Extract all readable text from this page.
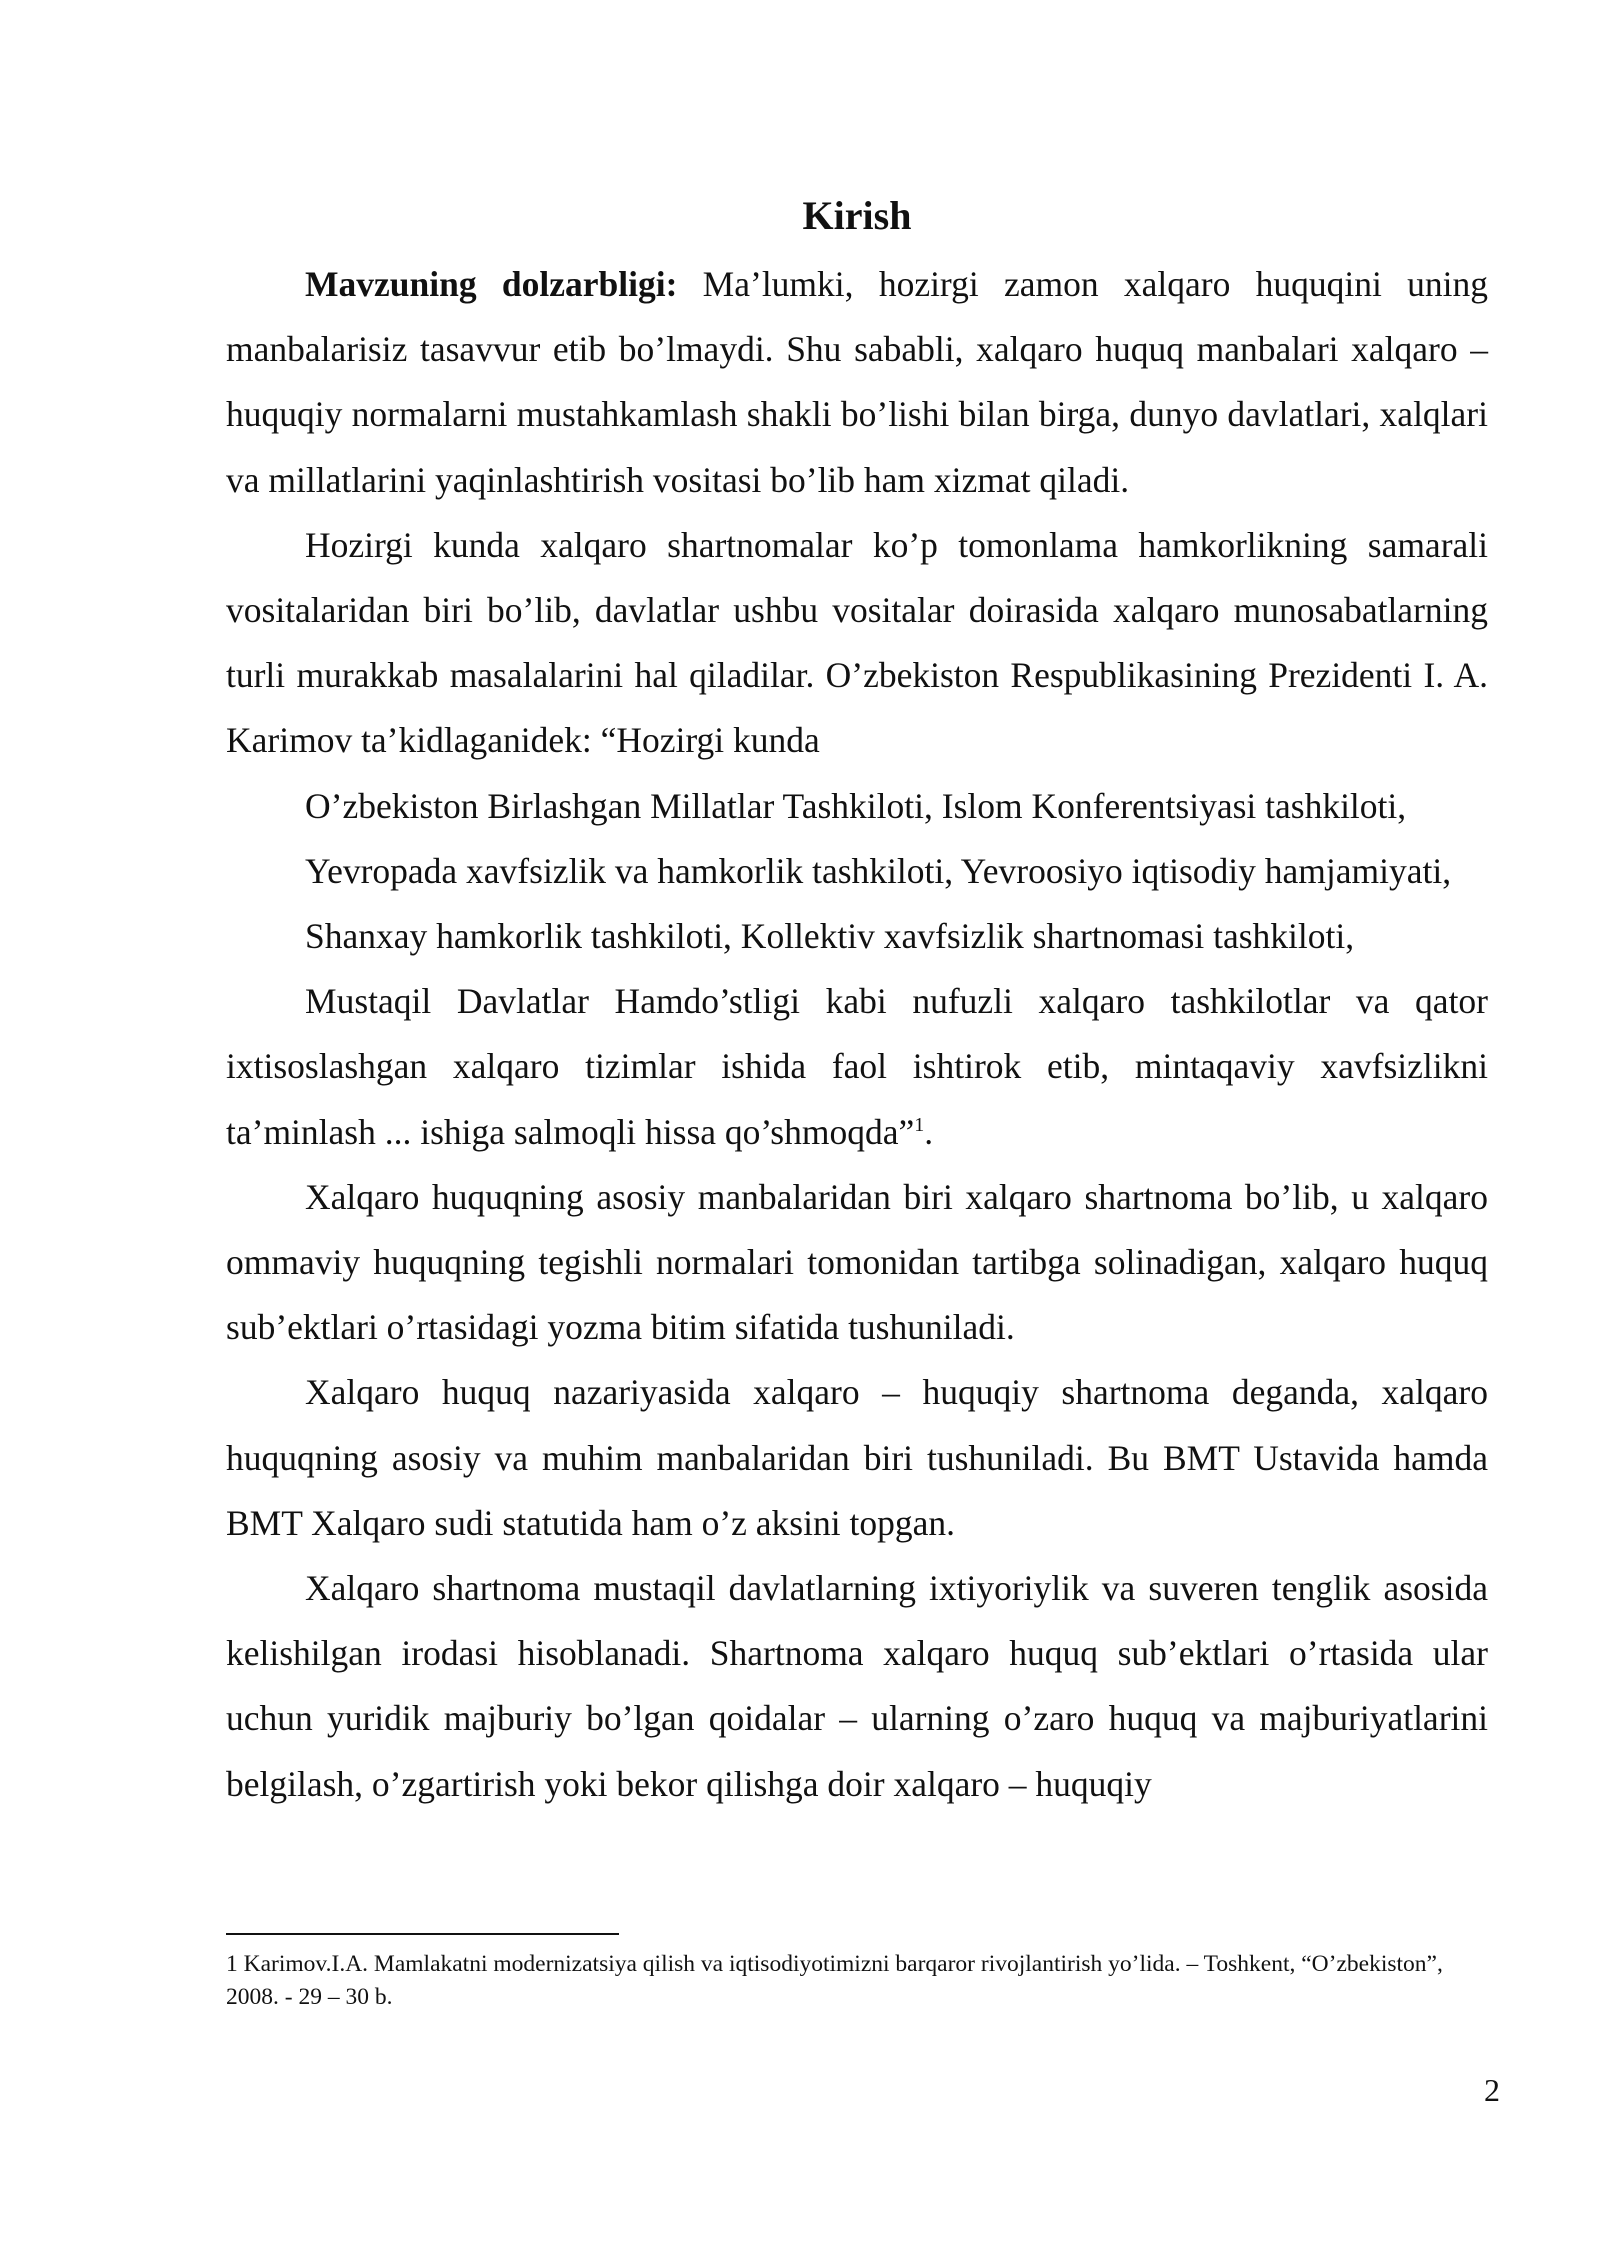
Kirish

Mavzuning dolzarbligi: Ma’lumki, hozirgi zamon xalqaro huquqini uning manbalarisiz tasavvur etib bo’lmaydi. Shu sababli, xalqaro huquq manbalari xalqaro – huquqiy normalarni mustahkamlash shakli bo’lishi bilan birga, dunyo davlatlari, xalqlari va millatlarini yaqinlashtirish vositasi bo’lib ham xizmat qiladi.

Hozirgi kunda xalqaro shartnomalar ko’p tomonlama hamkorlikning samarali vositalaridan biri bo’lib, davlatlar ushbu vositalar doirasida xalqaro munosabatlarning turli murakkab masalalarini hal qiladilar. O’zbekiston Respublikasining Prezidenti I. A. Karimov ta’kidlaganidek: “Hozirgi kunda

O’zbekiston Birlashgan Millatlar Tashkiloti, Islom Konferentsiyasi tashkiloti,

Yevropada xavfsizlik va hamkorlik tashkiloti, Yevroosiyo iqtisodiy hamjamiyati,

Shanxay hamkorlik tashkiloti, Kollektiv xavfsizlik shartnomasi tashkiloti,

Mustaqil Davlatlar Hamdo’stligi kabi nufuzli xalqaro tashkilotlar va qator ixtisoslashgan xalqaro tizimlar ishida faol ishtirok etib, mintaqaviy xavfsizlikni ta’minlash ... ishiga salmoqli hissa qo’shmoqda”$^1$.

Xalqaro huquqning asosiy manbalaridan biri xalqaro shartnoma bo’lib, u xalqaro ommaviy huquqning tegishli normalari tomonidan tartibga solinadigan, xalqaro huquq sub’ektlari o’rtasidagi yozma bitim sifatida tushuniladi.

Xalqaro huquq nazariyasida xalqaro – huquqiy shartnoma deganda, xalqaro huquqning asosiy va muhim manbalaridan biri tushuniladi. Bu BMT Ustavida hamda BMT Xalqaro sudi statutida ham o’z aksini topgan.

Xalqaro shartnoma mustaqil davlatlarning ixtiyoriylik va suveren tenglik asosida kelishilgan irodasi hisoblanadi. Shartnoma xalqaro huquq sub’ektlari o’rtasida ular uchun yuridik majburiy bo’lgan qoidalar – ularning o’zaro huquq va majburiyatlarini belgilash, o’zgartirish yoki bekor qilishga doir xalqaro – huquqiy

1 Karimov.I.A. Mamlakatni modernizatsiya qilish va iqtisodiyotimizni barqaror rivojlantirish yo’lida. – Toshkent, “O’zbekiston”, 2008. - 29 – 30 b.

2
